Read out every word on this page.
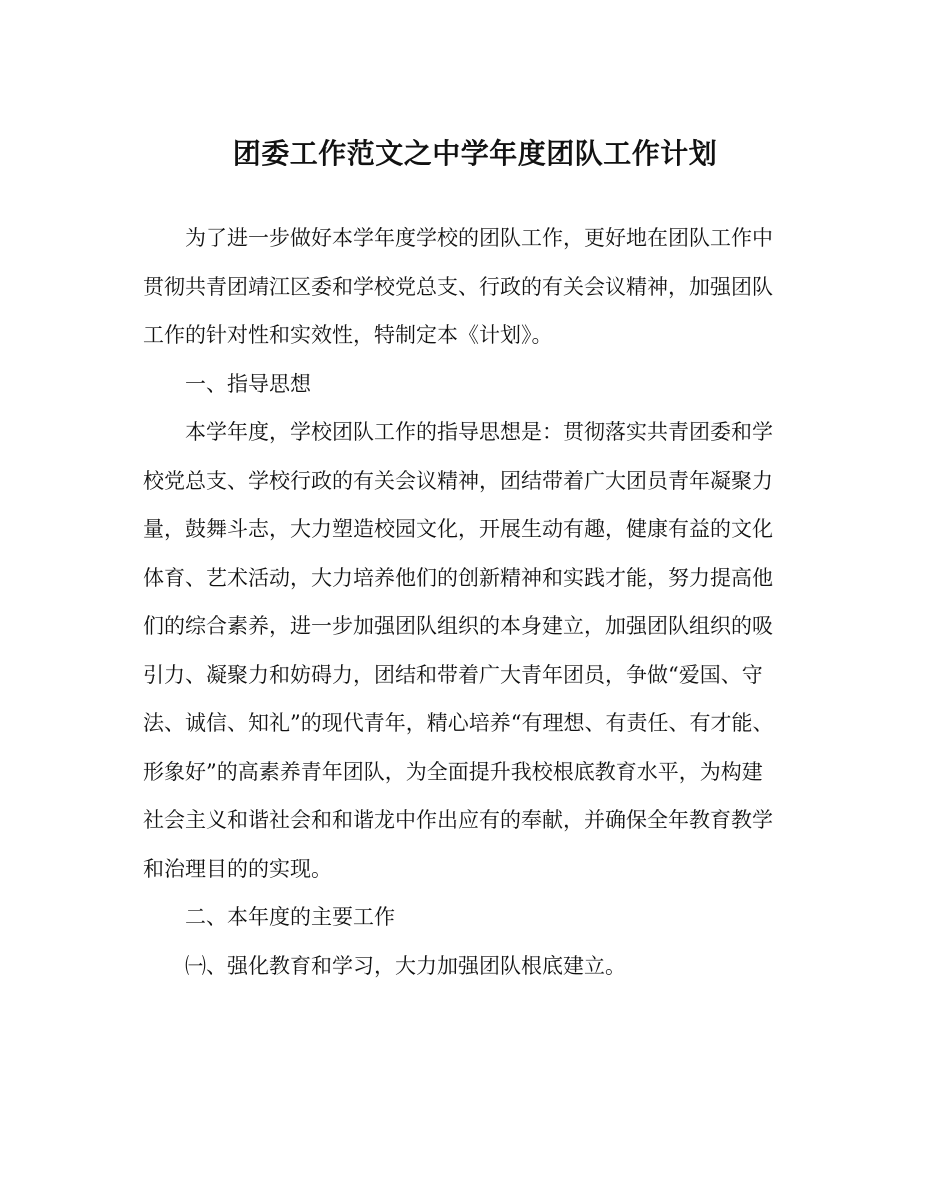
团委工作范文之中学年度团队工作计划

为了进一步做好本学年度学校的团队工作，更好地在团队工作中

贯彻共青团靖江区委和学校党总支、行政的有关会议精神，加强团队

工作的针对性和实效性，特制定本《计划》。

一、指导思想

本学年度，学校团队工作的指导思想是：贯彻落实共青团委和学

校党总支、学校行政的有关会议精神，团结带着广大团员青年凝聚力

量，鼓舞斗志，大力塑造校园文化，开展生动有趣，健康有益的文化

体育、艺术活动，大力培养他们的创新精神和实践才能，努力提高他

们的综合素养，进一步加强团队组织的本身建立，加强团队组织的吸

引力、凝聚力和妨碍力，团结和带着广大青年团员，争做“爱国、守

法、诚信、知礼”的现代青年，精心培养“有理想、有责任、有才能、

形象好”的高素养青年团队，为全面提升我校根底教育水平，为构建

社会主义和谐社会和和谐龙中作出应有的奉献，并确保全年教育教学

和治理目的的实现。

二、本年度的主要工作

㈠、强化教育和学习，大力加强团队根底建立。
